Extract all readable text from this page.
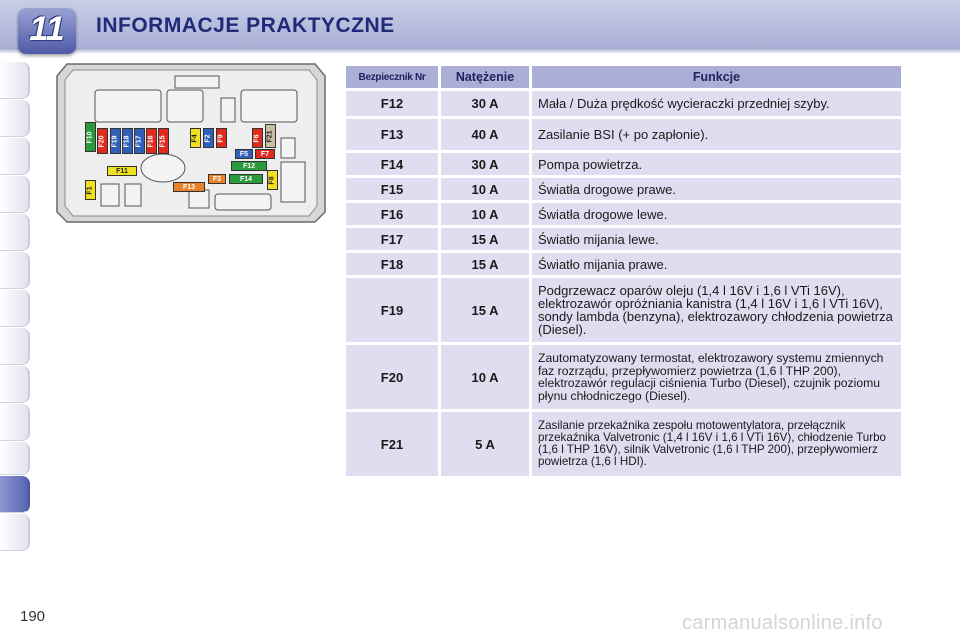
11	INFORMACJE PRAKTYCZNE
F10 F20 F19 F18 F17 F16 F15	F4 F2 F9	F6 F21
F5 F7
F12
F11
F3	F14
F13
F1
F8
Bezpiecznik Nr	Natężenie	Funkcje
F12	30 A	Mała / Duża prędkość wycieraczki przedniej szyby.
F13	40 A	Zasilanie BSI (+ po zapłonie).
F14	30 A	Pompa powietrza.
F15	10 A	Światła drogowe prawe.
F16	10 A	Światła drogowe lewe.
F17	15 A	Światło mijania lewe.
F18	15 A	Światło mijania prawe.
F19	15 A	Podgrzewacz oparów oleju (1,4 l 16V i 1,6 l VTi 16V), elektrozawór opróżniania kanistra (1,4 l 16V i 1,6 l VTi 16V), sondy lambda (benzyna), elektrozawory chłodzenia powietrza (Diesel).
F20	10 A	Zautomatyzowany termostat, elektrozawory systemu zmiennych faz rozrządu, przepływomierz powietrza (1,6 l THP 200), elektrozawór regulacji ciśnienia Turbo (Diesel), czujnik poziomu płynu chłodniczego (Diesel).
F21	5 A	Zasilanie przekaźnika zespołu motowentylatora, przełącznik przekaźnika Valvetronic (1,4 l 16V i 1,6 l VTi 16V), chłodzenie Turbo (1,6 l THP 16V), silnik Valvetronic (1,6 l THP 200), przepływomierz powietrza (1,6 l HDI).
190	carmanualsonline.info
